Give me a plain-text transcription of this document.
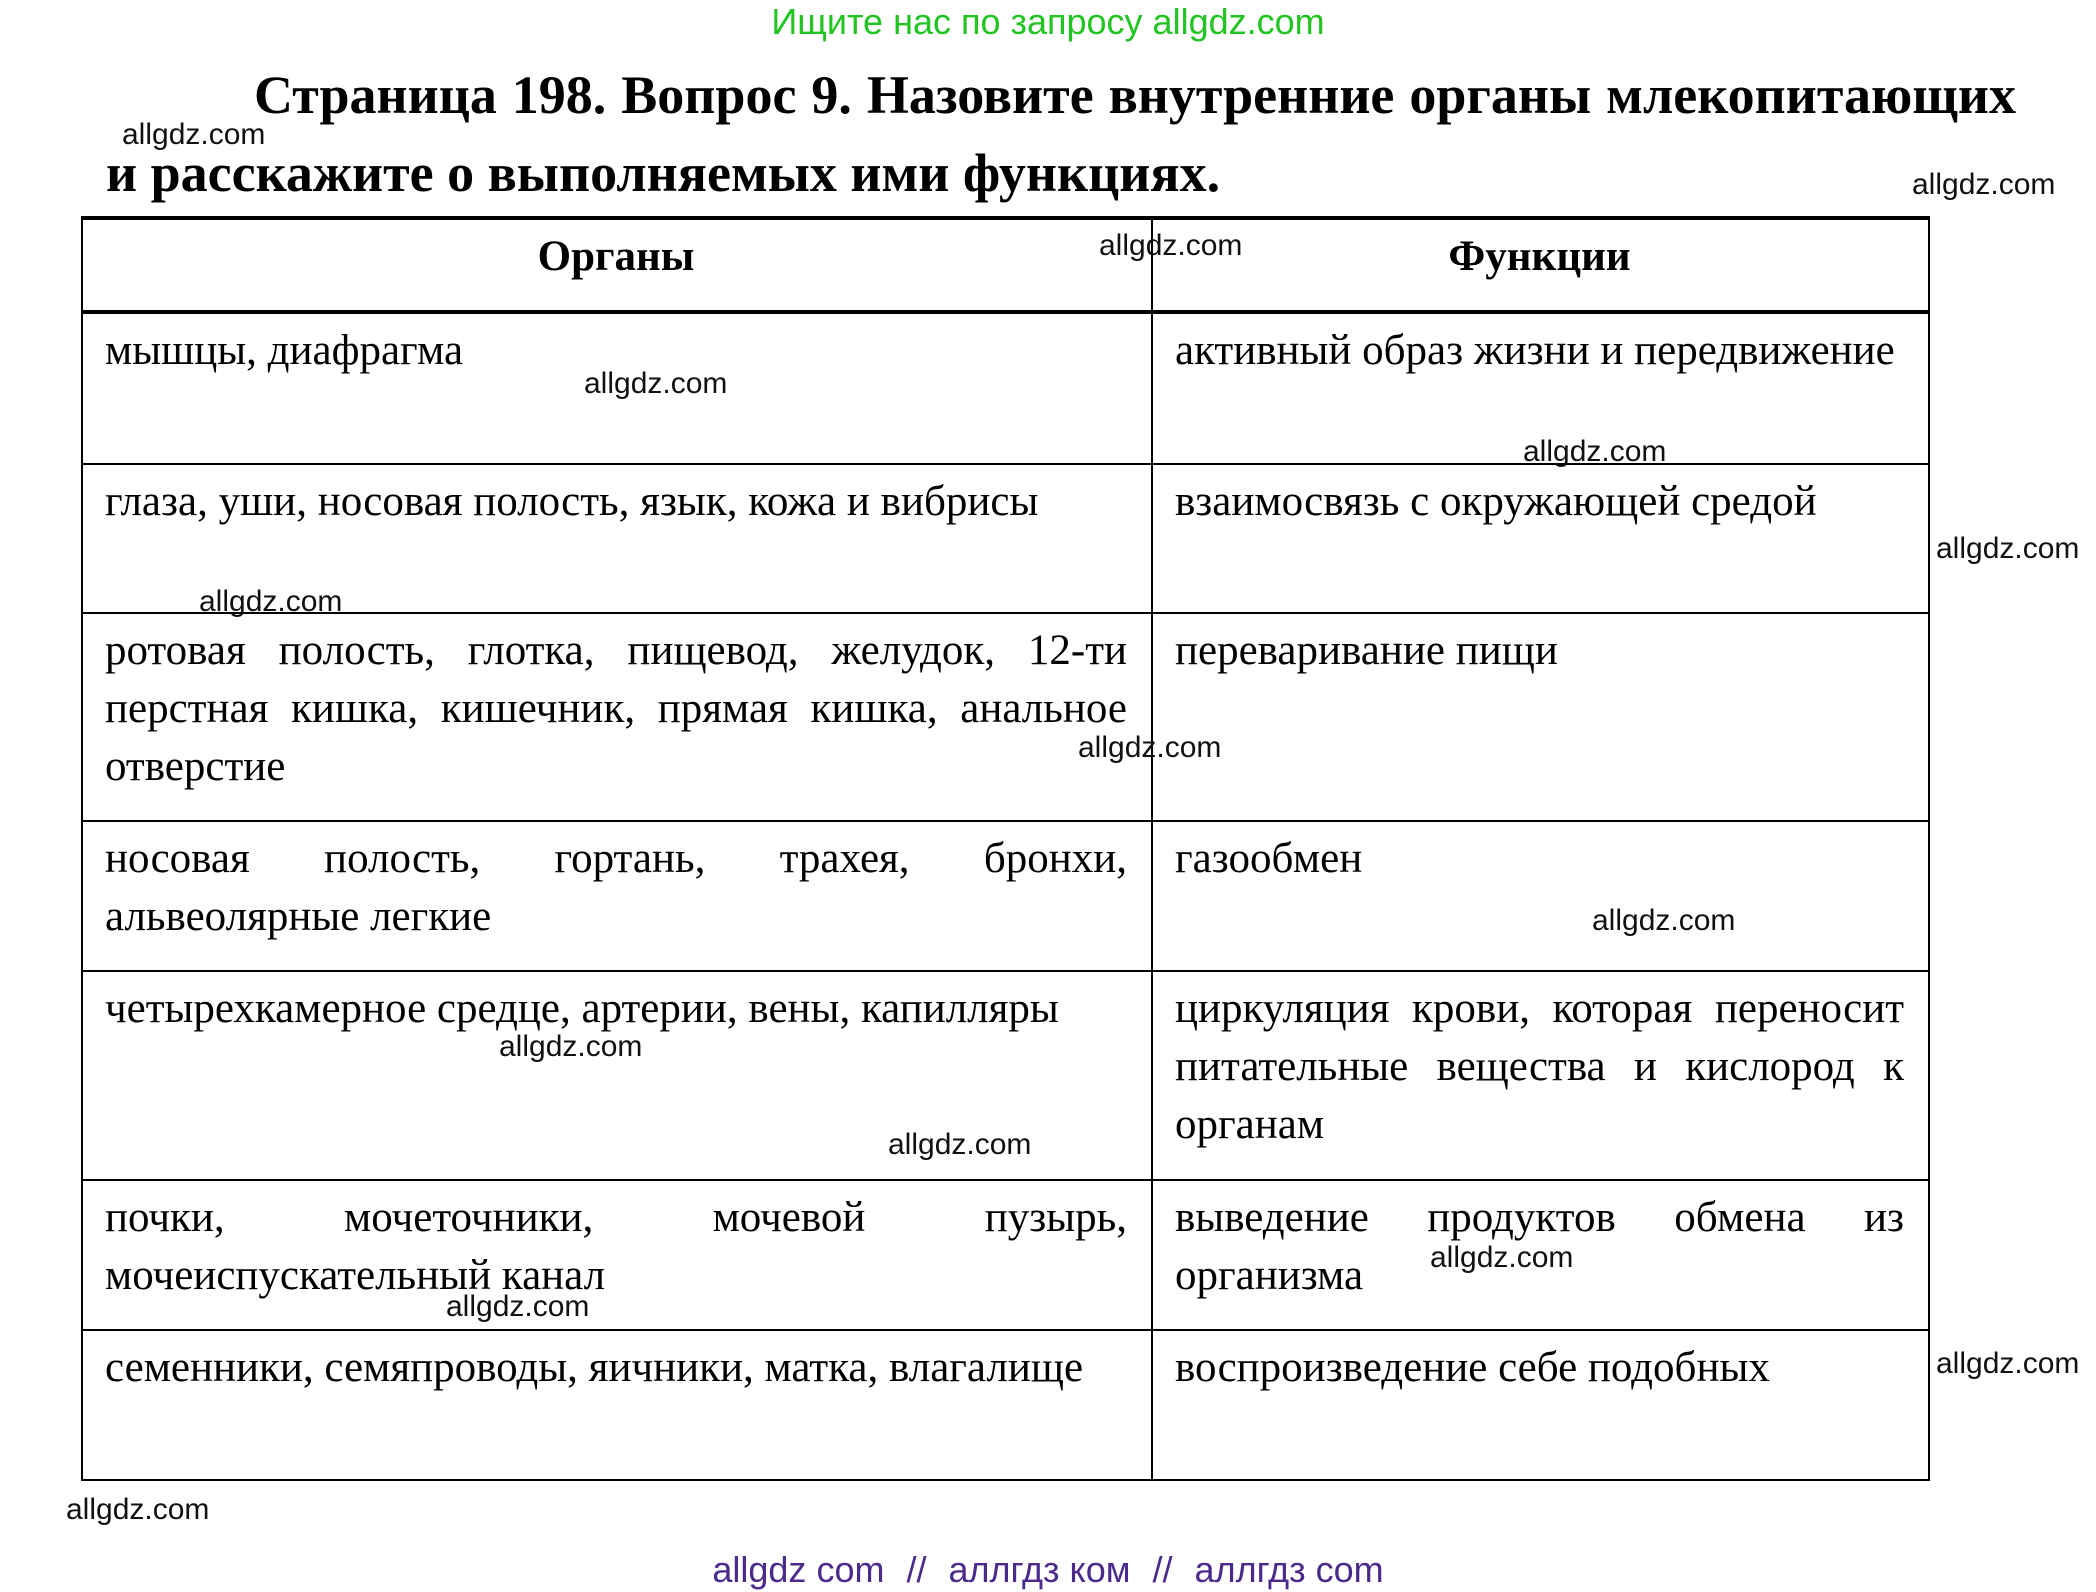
Ищите нас по запросу allgdz.com
Страница 198. Вопрос 9. Назовите внутренние органы млекопитающих и расскажите о выполняемых ими функциях.
Органы	Функции
мышцы, диафрагма	активный образ жизни и передвижение
глаза, уши, носовая полость, язык, кожа и вибрисы	взаимосвязь с окружающей средой
ротовая полость, глотка, пищевод, желудок, 12-ти перстная кишка, кишечник, прямая кишка, анальное отверстие	переваривание пищи
носовая полость, гортань, трахея, бронхи, альвеолярные легкие	газообмен
четырехкамерное средце, артерии, вены, капилляры	циркуляция крови, которая переносит питательные вещества и кислород к органам
почки, мочеточники, мочевой пузырь, мочеиспускательный канал	выведение продуктов обмена из организма
семенники, семяпроводы, яичники, матка, влагалище	воспроизведение себе подобных
allgdz.com
allgdz.com
allgdz.com
allgdz.com
allgdz.com
allgdz.com
allgdz.com
allgdz.com
allgdz.com
allgdz.com
allgdz.com
allgdz.com
allgdz.com
allgdz.com
allgdz.com
allgdz com // аллгдз ком // аллгдз com
